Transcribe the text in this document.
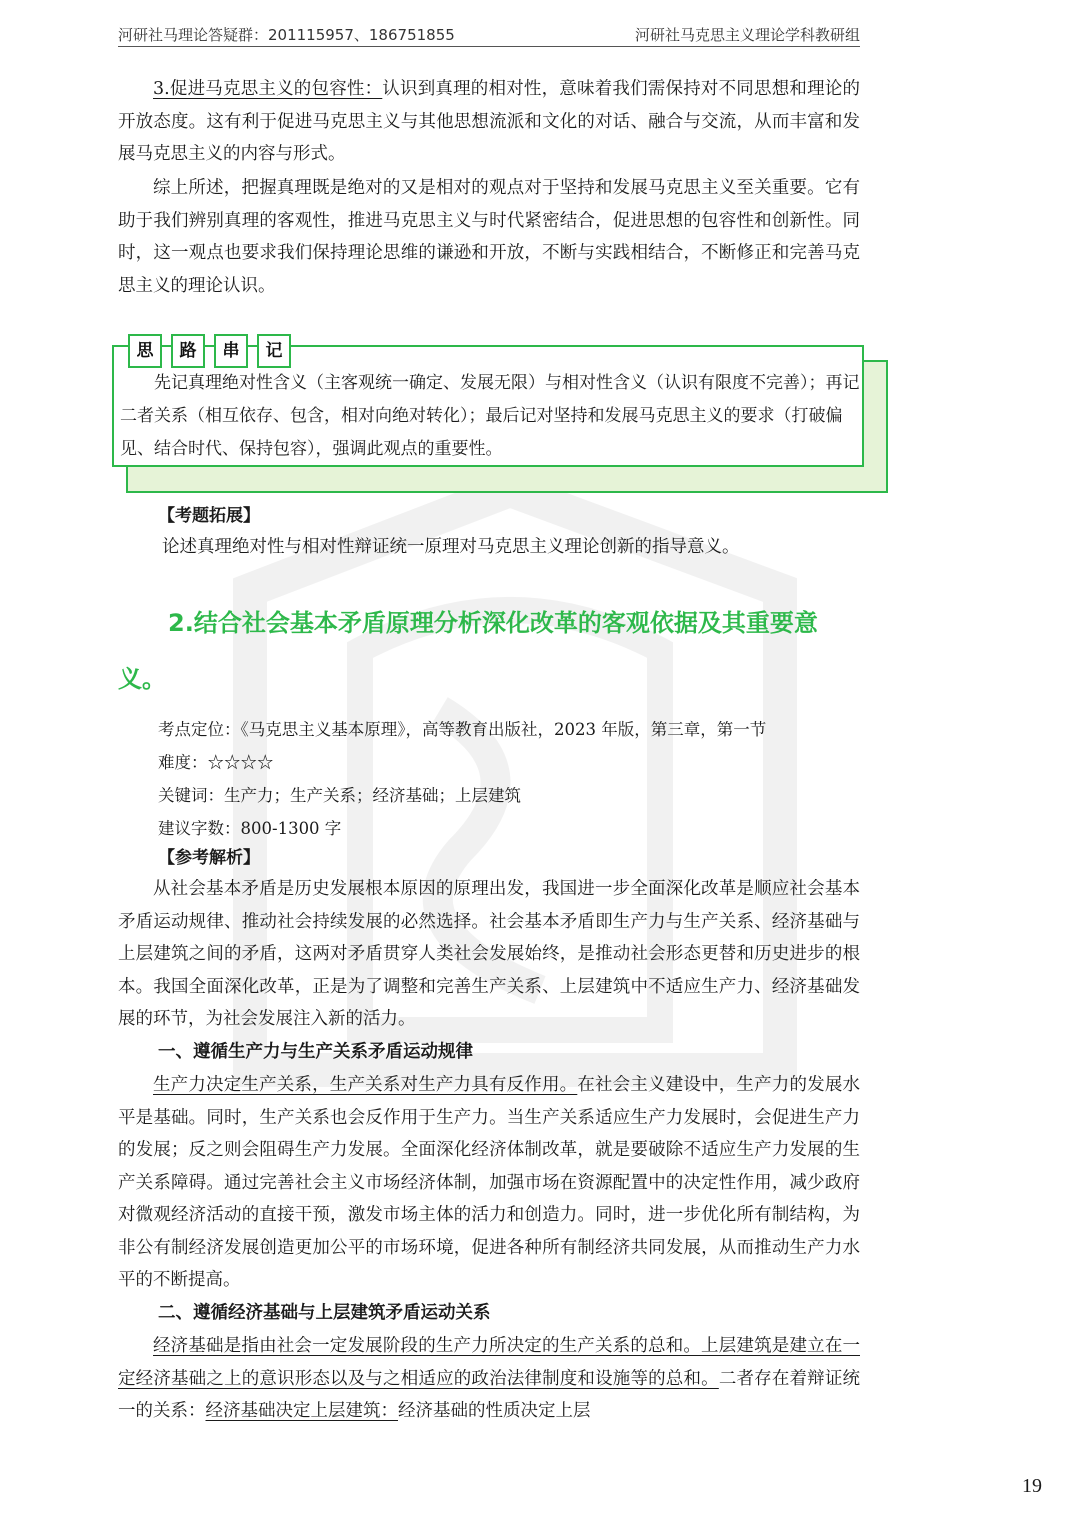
河研社马理论答疑群：201115957、186751855	河研社马克思主义理论学科教研组

3.促进马克思主义的包容性：认识到真理的相对性，意味着我们需保持对不同思想和理论的开放态度。这有利于促进马克思主义与其他思想流派和文化的对话、融合与交流，从而丰富和发展马克思主义的内容与形式。

综上所述，把握真理既是绝对的又是相对的观点对于坚持和发展马克思主义至关重要。它有助于我们辨别真理的客观性，推进马克思主义与时代紧密结合，促进思想的包容性和创新性。同时，这一观点也要求我们保持理论思维的谦逊和开放，不断与实践相结合，不断修正和完善马克思主义的理论认识。

思	路	串	记

先记真理绝对性含义（主客观统一确定、发展无限）与相对性含义（认识有限度不完善）；再记二者关系（相互依存、包含，相对向绝对转化）；最后记对坚持和发展马克思主义的要求（打破偏见、结合时代、保持包容），强调此观点的重要性。

【考题拓展】
论述真理绝对性与相对性辩证统一原理对马克思主义理论创新的指导意义。
2.结合社会基本矛盾原理分析深化改革的客观依据及其重要意
义。
考点定位：《马克思主义基本原理》，高等教育出版社，2023 年版，第三章，第一节
难度：☆☆☆☆
关键词：生产力；生产关系；经济基础；上层建筑
建议字数：800-1300 字
【参考解析】

从社会基本矛盾是历史发展根本原因的原理出发，我国进一步全面深化改革是顺应社会基本矛盾运动规律、推动社会持续发展的必然选择。社会基本矛盾即生产力与生产关系、经济基础与上层建筑之间的矛盾，这两对矛盾贯穿人类社会发展始终，是推动社会形态更替和历史进步的根本。我国全面深化改革，正是为了调整和完善生产关系、上层建筑中不适应生产力、经济基础发展的环节，为社会发展注入新的活力。

一、遵循生产力与生产关系矛盾运动规律

生产力决定生产关系，生产关系对生产力具有反作用。在社会主义建设中，生产力的发展水平是基础。同时，生产关系也会反作用于生产力。当生产关系适应生产力发展时，会促进生产力的发展；反之则会阻碍生产力发展。全面深化经济体制改革，就是要破除不适应生产力发展的生产关系障碍。通过完善社会主义市场经济体制，加强市场在资源配置中的决定性作用，减少政府对微观经济活动的直接干预，激发市场主体的活力和创造力。同时，进一步优化所有制结构，为非公有制经济发展创造更加公平的市场环境，促进各种所有制经济共同发展，从而推动生产力水平的不断提高。

二、遵循经济基础与上层建筑矛盾运动关系

经济基础是指由社会一定发展阶段的生产力所决定的生产关系的总和。上层建筑是建立在一定经济基础之上的意识形态以及与之相适应的政治法律制度和设施等的总和。二者存在着辩证统一的关系：经济基础决定上层建筑：经济基础的性质决定上层

19
